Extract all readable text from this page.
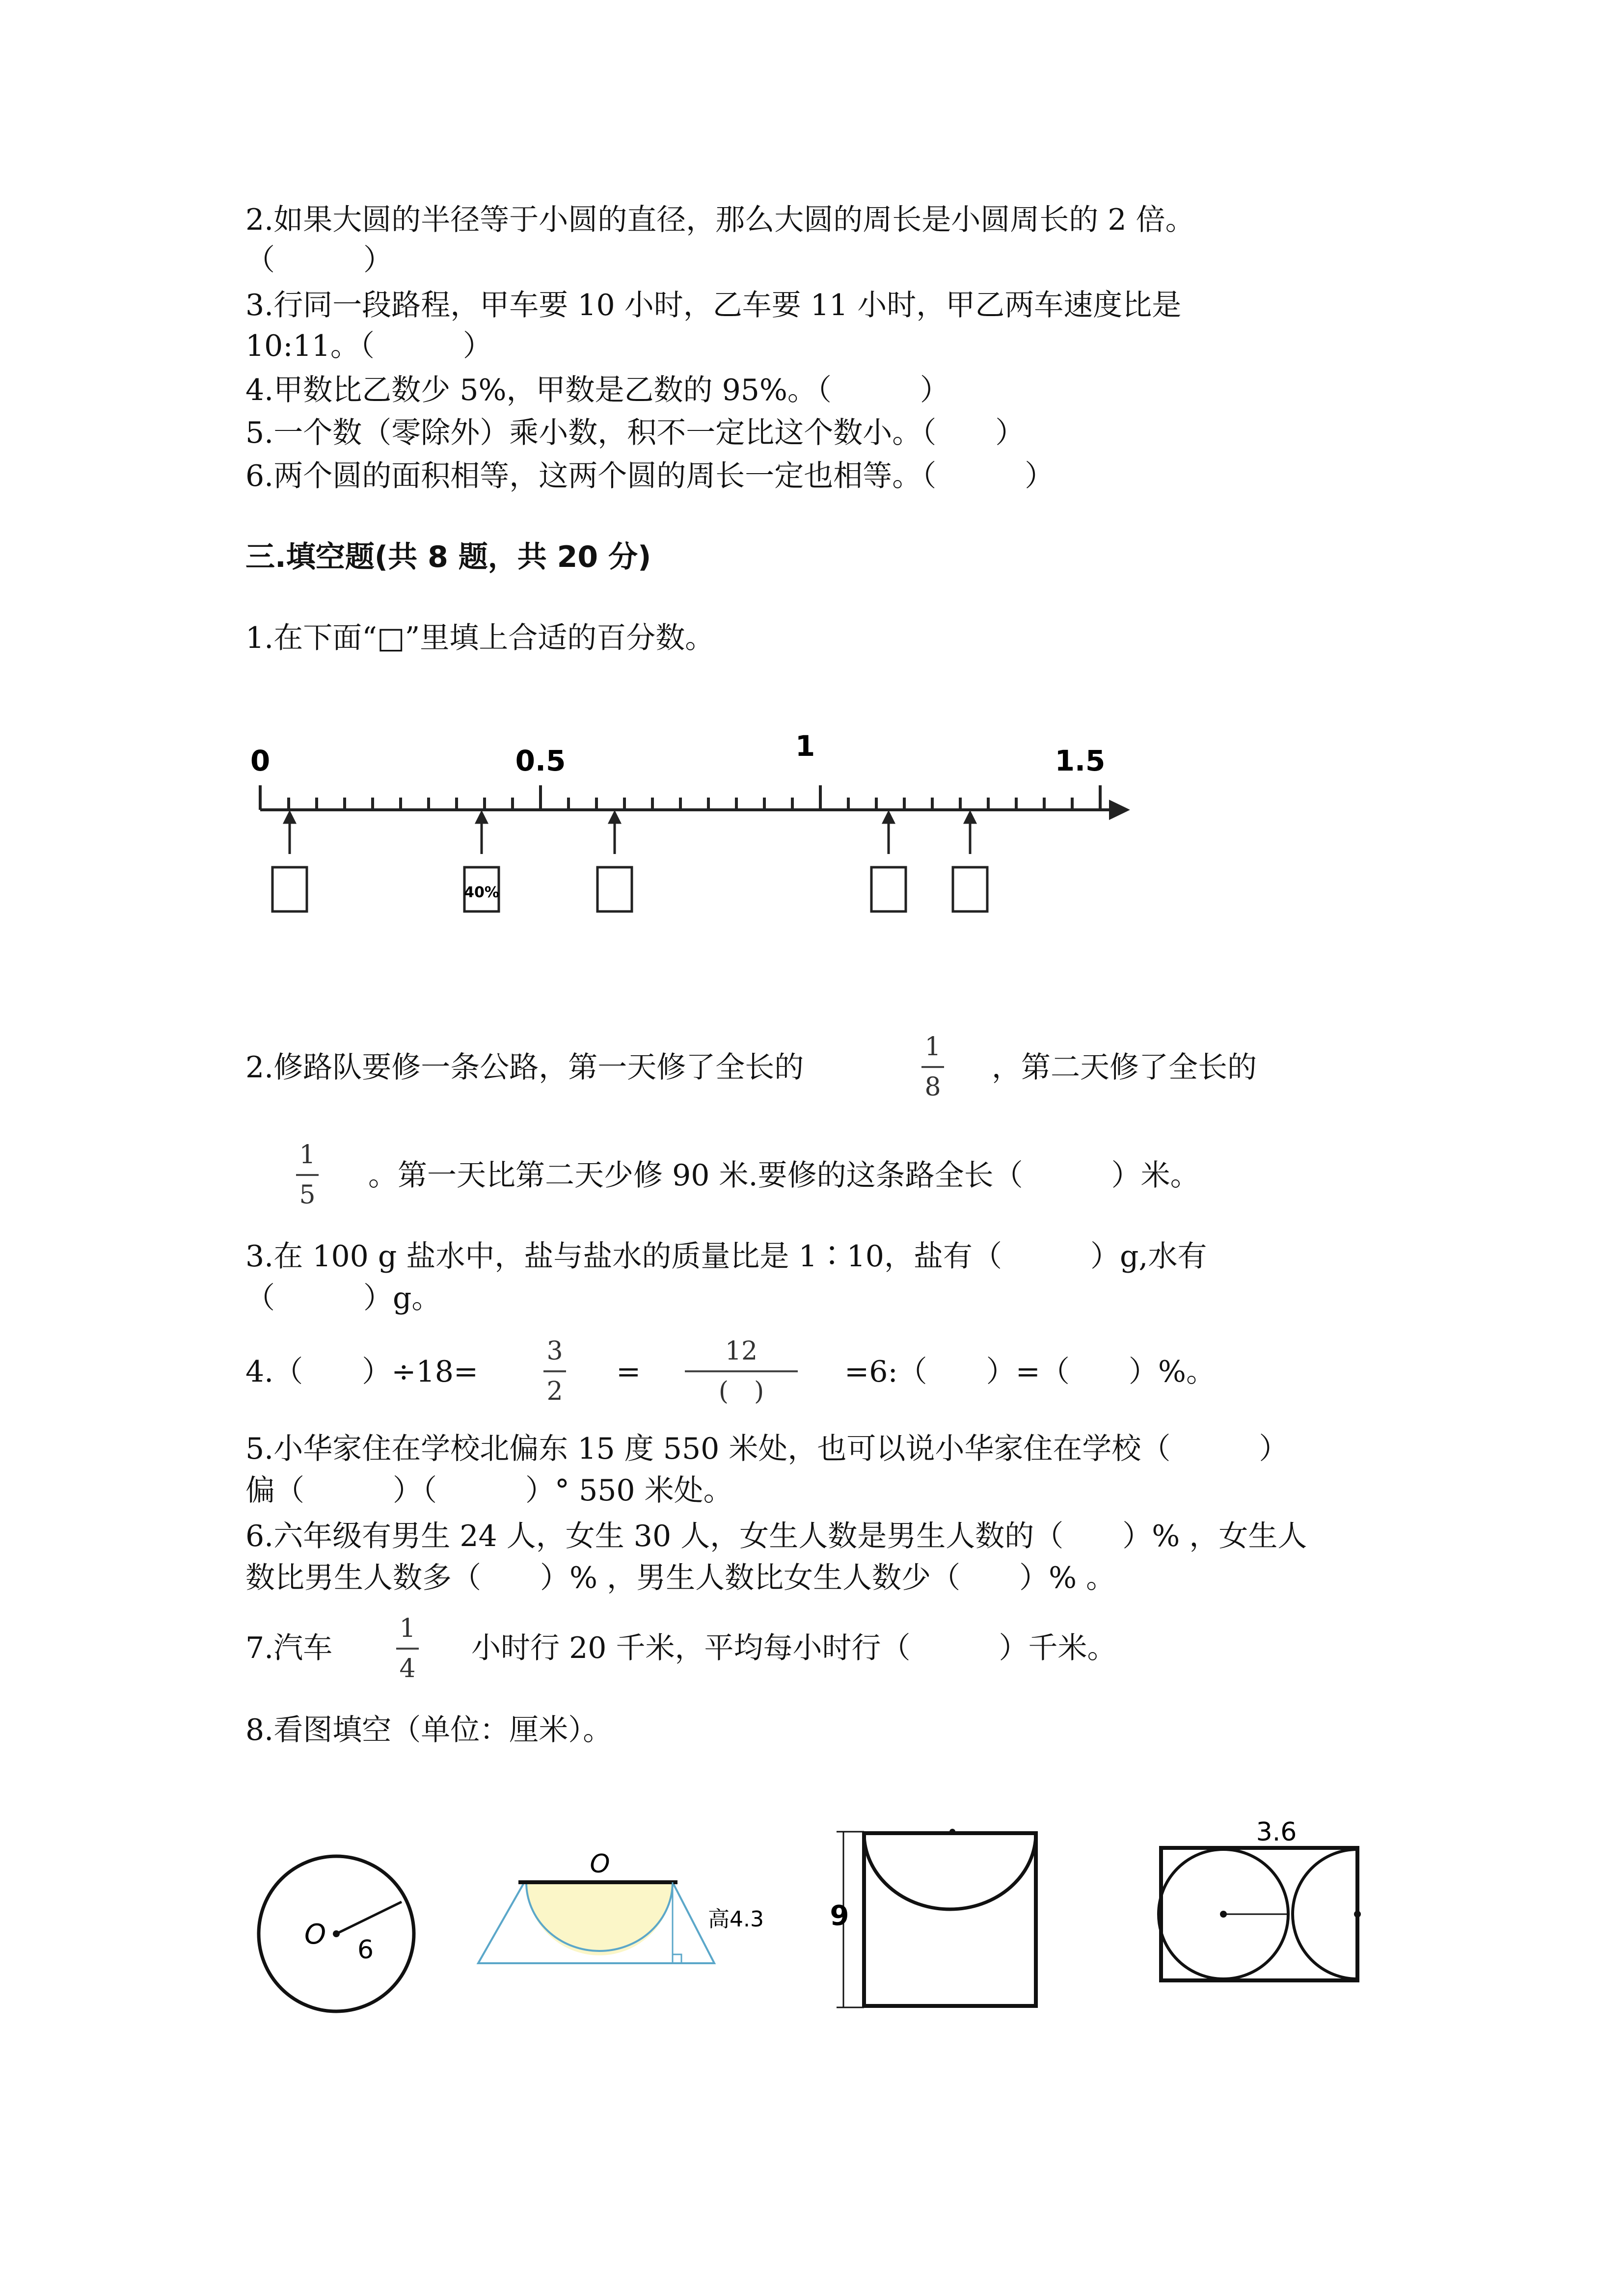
2.如果大圆的半径等于小圆的直径，那么大圆的周长是小圆周长的 2 倍。
（　　　）
3.行同一段路程，甲车要 10 小时，乙车要 11 小时，甲乙两车速度比是
10:11。（　　　）
4.甲数比乙数少 5%，甲数是乙数的 95%。（　　　）
5.一个数（零除外）乘小数，积不一定比这个数小。（　　）
6.两个圆的面积相等，这两个圆的周长一定也相等。（　　　）
三.填空题(共 8 题，共 20 分)
1.在下面“□”里填上合适的百分数。
0	0.5	1	1.5
40%
2.修路队要修一条公路，第一天修了全长的
1
8
，第二天修了全长的
1
5
。第一天比第二天少修 90 米.要修的这条路全长（　　　）米。
3.在 100 g 盐水中，盐与盐水的质量比是 1∶10，盐有（　　　）g,水有
（　　　）g。
4.（　　）÷18=
3
2
=
12
(　)
=6:（　　）=（　　）%。
5.小华家住在学校北偏东 15 度 550 米处，也可以说小华家住在学校（　　　）
偏（　　　）（　　　）° 550 米处。
6.六年级有男生 24 人，女生 30 人，女生人数是男生人数的（　　）% ，女生人
数比男生人数多（　　）% ，男生人数比女生人数少（　　）% 。
7.汽车
1
4
小时行 20 千米，平均每小时行（　　　）千米。
8.看图填空（单位：厘米）。
O 6
O
高4.3 9
3.6
